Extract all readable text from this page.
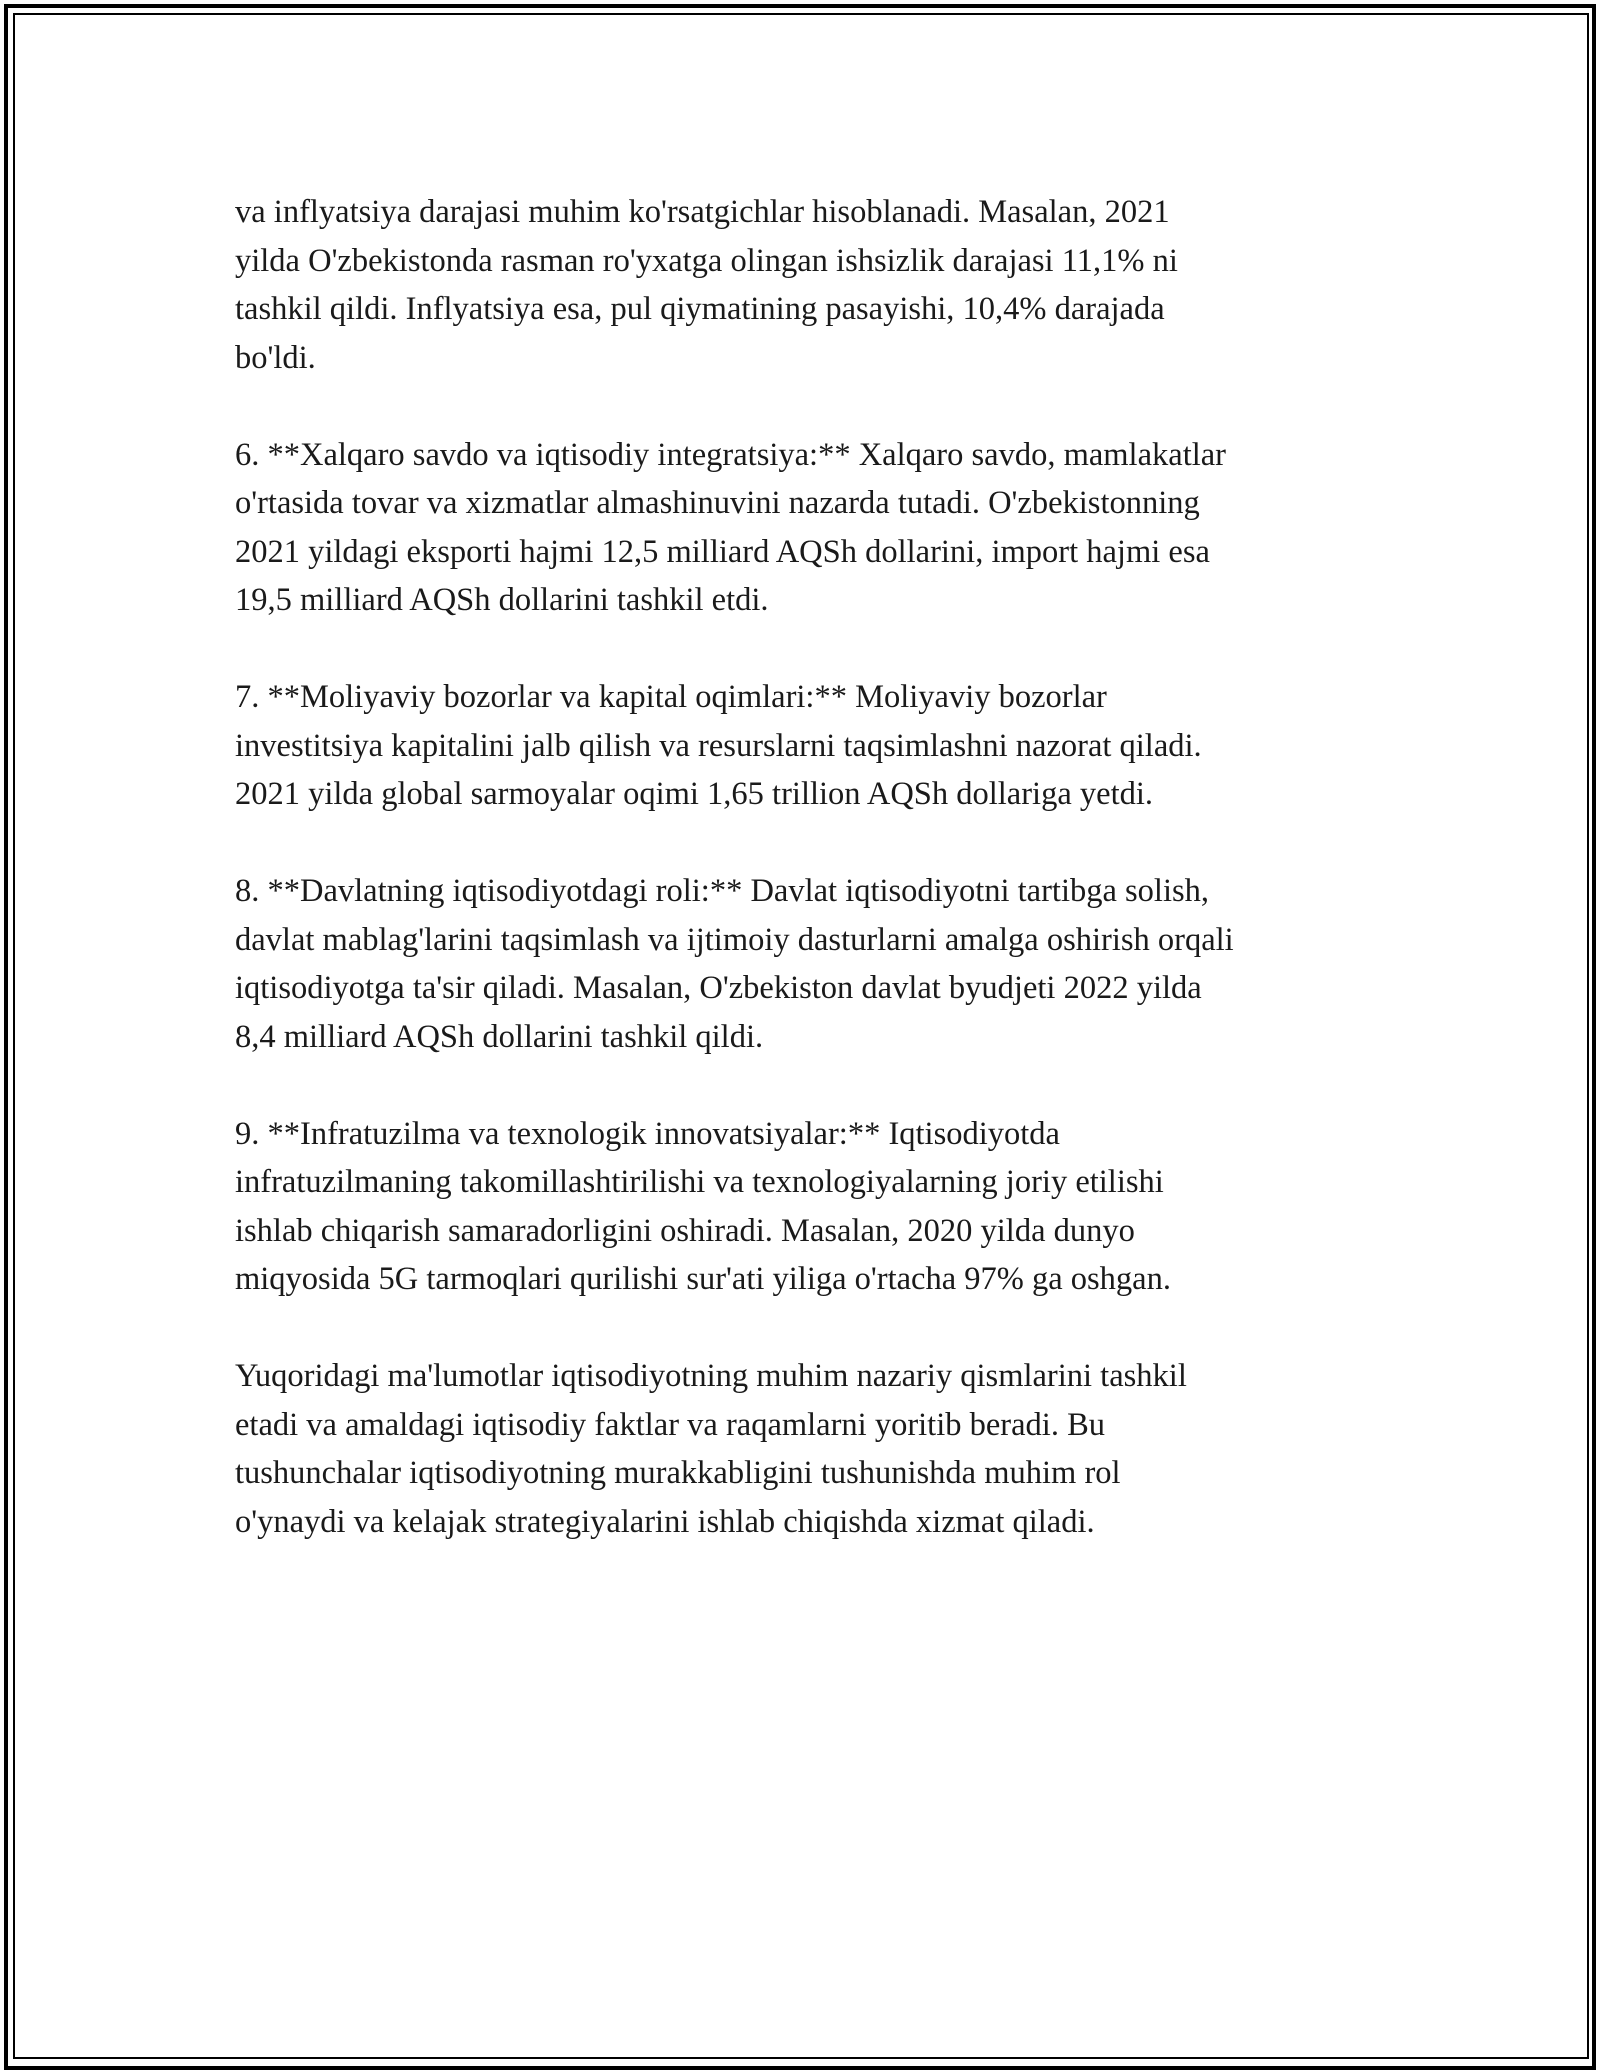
va inflyatsiya darajasi muhim ko'rsatgichlar hisoblanadi. Masalan, 2021
yilda O'zbekistonda rasman ro'yxatga olingan ishsizlik darajasi 11,1% ni
tashkil qildi. Inflyatsiya esa, pul qiymatining pasayishi, 10,4% darajada
bo'ldi.

6. **Xalqaro savdo va iqtisodiy integratsiya:** Xalqaro savdo, mamlakatlar
o'rtasida tovar va xizmatlar almashinuvini nazarda tutadi. O'zbekistonning
2021 yildagi eksporti hajmi 12,5 milliard AQSh dollarini, import hajmi esa
19,5 milliard AQSh dollarini tashkil etdi.

7. **Moliyaviy bozorlar va kapital oqimlari:** Moliyaviy bozorlar
investitsiya kapitalini jalb qilish va resurslarni taqsimlashni nazorat qiladi.
2021 yilda global sarmoyalar oqimi 1,65 trillion AQSh dollariga yetdi.

8. **Davlatning iqtisodiyotdagi roli:** Davlat iqtisodiyotni tartibga solish,
davlat mablag'larini taqsimlash va ijtimoiy dasturlarni amalga oshirish orqali
iqtisodiyotga ta'sir qiladi. Masalan, O'zbekiston davlat byudjeti 2022 yilda
8,4 milliard AQSh dollarini tashkil qildi.

9. **Infratuzilma va texnologik innovatsiyalar:** Iqtisodiyotda
infratuzilmaning takomillashtirilishi va texnologiyalarning joriy etilishi
ishlab chiqarish samaradorligini oshiradi. Masalan, 2020 yilda dunyo
miqyosida 5G tarmoqlari qurilishi sur'ati yiliga o'rtacha 97% ga oshgan.

Yuqoridagi ma'lumotlar iqtisodiyotning muhim nazariy qismlarini tashkil
etadi va amaldagi iqtisodiy faktlar va raqamlarni yoritib beradi. Bu
tushunchalar iqtisodiyotning murakkabligini tushunishda muhim rol
o'ynaydi va kelajak strategiyalarini ishlab chiqishda xizmat qiladi.
